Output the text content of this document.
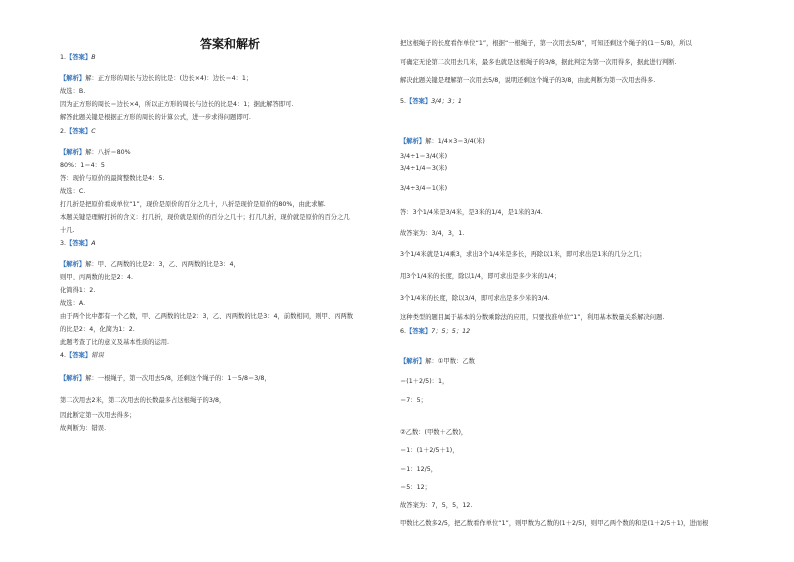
答案和解析
1.【答案】B
【解析】解：正方形的周长与边长的比是：(边长×4)：边长＝4：1；
故选：B.
因为正方形的周长＝边长×4，所以正方形的周长与边长的比是4：1；据此解答即可.
解答此题关键是根据正方形的周长的计算公式，进一步求得问题即可.
2.【答案】C
【解析】解：八折＝80%
80%：1＝4：5
答：现价与原价的最简整数比是4：5.
故选：C.
打几折是把原价看成单位“1”，现价是原价的百分之几十，八折是现价是原价的80%，由此求解.
本题关键是理解打折的含义：打几折，现价就是原价的百分之几十；打几几折，现价就是原价的百分之几
十几.
3.【答案】A
【解析】解：甲、乙两数的比是2：3，乙、丙两数的比是3：4，
则甲、丙两数的比是2：4.
化简得1：2.
故选：A.
由于两个比中都有一个乙数，甲、乙两数的比是2：3，乙、丙两数的比是3：4，前数相同，则甲、丙两数
的比是2：4，化简为1：2.
此题考查了比的意义及基本性质的运用.
4.【答案】错误
【解析】解：一根绳子，第一次用去5/8，还剩这个绳子的：1－5/8＝3/8，
第二次用去2米，第二次用去的长数最多占这根绳子的3/8，
因此断定第一次用去得多；
故判断为：错误.
把这根绳子的长度看作单位“1”，根据“一根绳子，第一次用去5/8”，可知还剩这个绳子的(1－5/8)，所以
可确定无论第二次用去几米，最多也就是这根绳子的3/8，据此判定为第一次用得多，据此进行判断.
解决此题关键是理解第一次用去5/8，说明还剩这个绳子的3/8，由此判断为第一次用去得多.
5.【答案】3/4；3；1
【解析】解：1/4×3＝3/4(米)
3/4÷1＝3/4(米)
3/4÷1/4＝3(米)
3/4÷3/4＝1(米)
答：3个1/4米是3/4米，是3米的1/4，是1米的3/4.
故答案为：3/4，3，1.
3个1/4米就是1/4乘3，求出3个1/4米是多长，再除以1米，即可求出是1米的几分之几；
用3个1/4米的长度，除以1/4，即可求出是多少米的1/4；
3个1/4米的长度，除以3/4，即可求出是多少米的3/4.
这种类型的题目属于基本的分数乘除法的应用，只要找准单位“1”，利用基本数量关系解决问题.
6.【答案】7；5；5；12
【解析】解：①甲数：乙数
＝(1＋2/5)：1，
＝7：5；
②乙数：(甲数＋乙数)，
＝1：(1＋2/5＋1)，
＝1：12/5，
＝5：12；
故答案为：7，5，5，12.
甲数比乙数多2/5，把乙数看作单位“1”，则甲数为乙数的(1＋2/5)，则甲乙两个数的和是(1＋2/5＋1)，进而根
